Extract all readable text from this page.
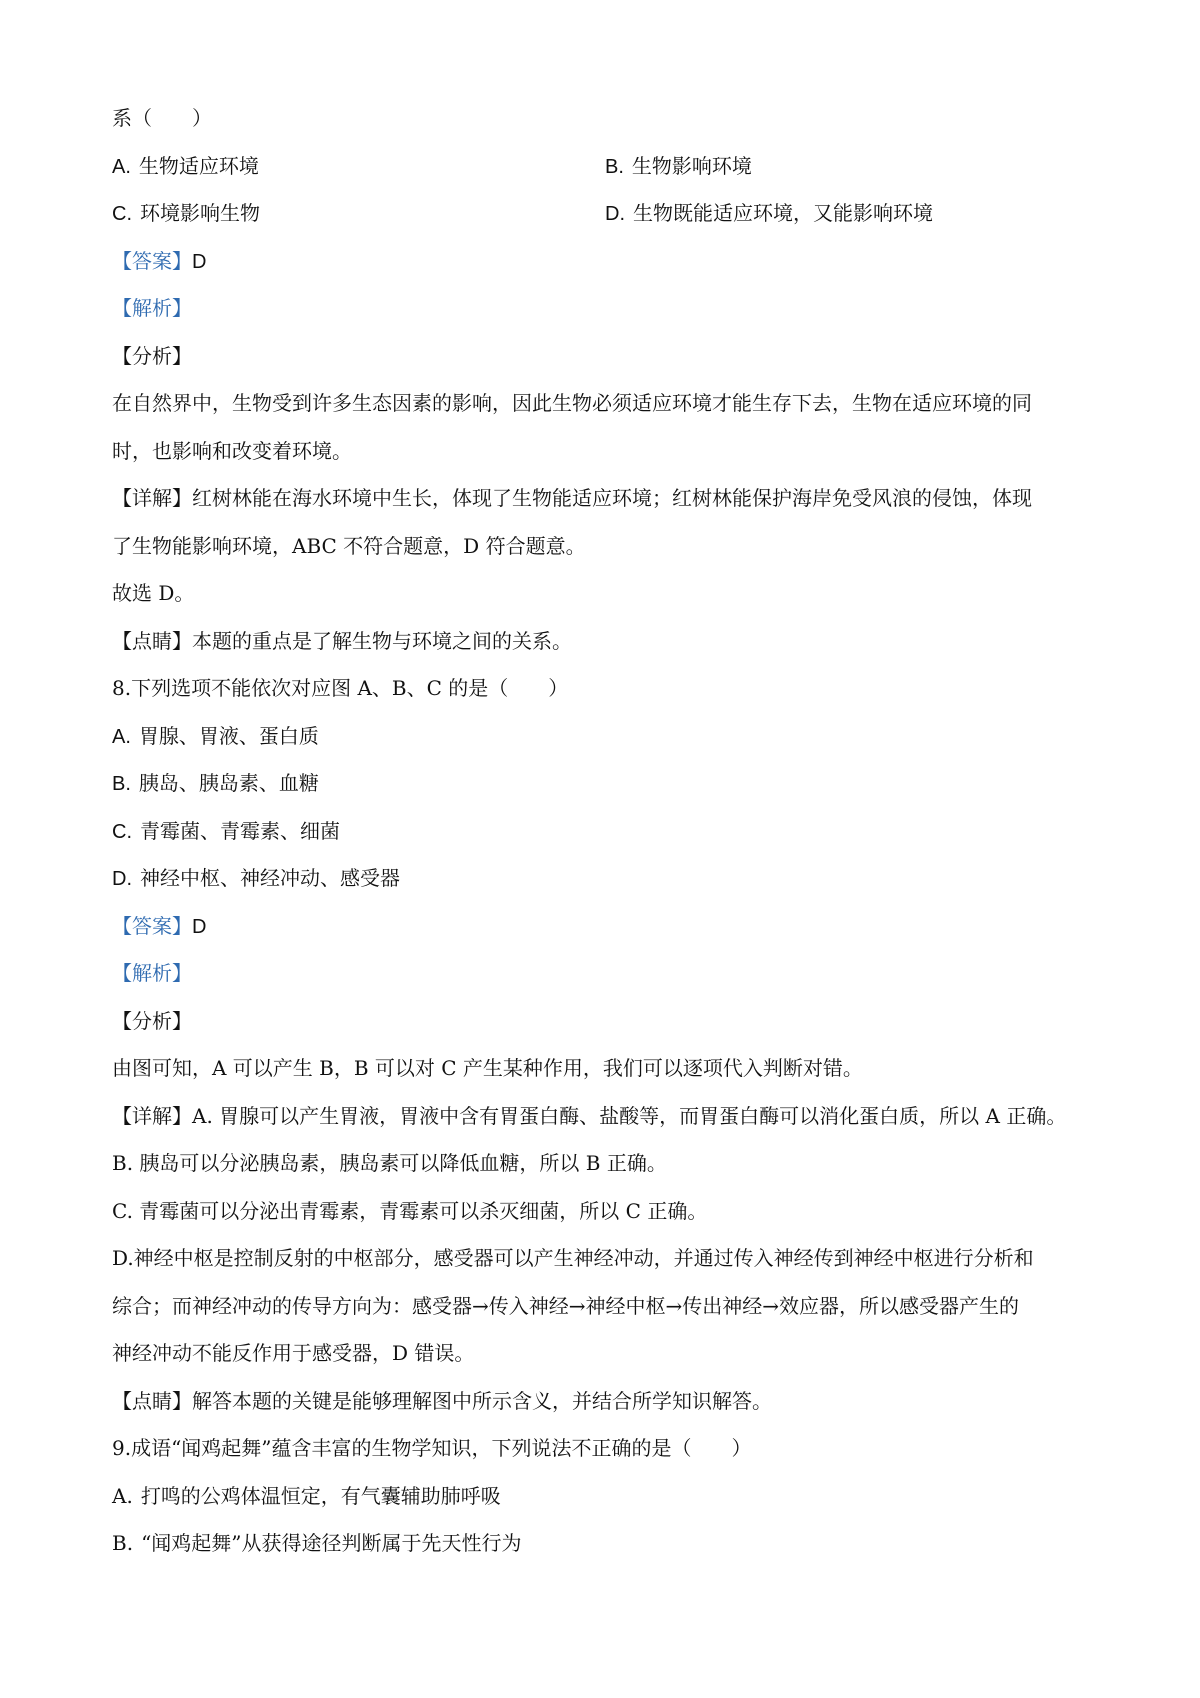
系（　　）

A. 生物适应环境	B. 生物影响环境
C. 环境影响生物	D. 生物既能适应环境，又能影响环境

【答案】D

【解析】

【分析】

在自然界中，生物受到许多生态因素的影响，因此生物必须适应环境才能生存下去，生物在适应环境的同

时，也影响和改变着环境。

【详解】红树林能在海水环境中生长，体现了生物能适应环境；红树林能保护海岸免受风浪的侵蚀，体现

了生物能影响环境，ABC 不符合题意，D 符合题意。

故选 D。

【点睛】本题的重点是了解生物与环境之间的关系。

8.下列选项不能依次对应图 A、B、C 的是（　　）

A. 胃腺、胃液、蛋白质

B. 胰岛、胰岛素、血糖

C. 青霉菌、青霉素、细菌

D. 神经中枢、神经冲动、感受器

【答案】D

【解析】

【分析】

由图可知，A 可以产生 B，B 可以对 C 产生某种作用，我们可以逐项代入判断对错。

【详解】A. 胃腺可以产生胃液，胃液中含有胃蛋白酶、盐酸等，而胃蛋白酶可以消化蛋白质，所以 A 正确。

B. 胰岛可以分泌胰岛素，胰岛素可以降低血糖，所以 B 正确。

C. 青霉菌可以分泌出青霉素，青霉素可以杀灭细菌，所以 C 正确。

D.神经中枢是控制反射的中枢部分，感受器可以产生神经冲动，并通过传入神经传到神经中枢进行分析和

综合；而神经冲动的传导方向为：感受器→传入神经→神经中枢→传出神经→效应器，所以感受器产生的

神经冲动不能反作用于感受器，D 错误。

【点睛】解答本题的关键是能够理解图中所示含义，并结合所学知识解答。

9.成语“闻鸡起舞”蕴含丰富的生物学知识，下列说法不正确的是（　　）

A. 打鸣的公鸡体温恒定，有气囊辅助肺呼吸

B. “闻鸡起舞”从获得途径判断属于先天性行为
